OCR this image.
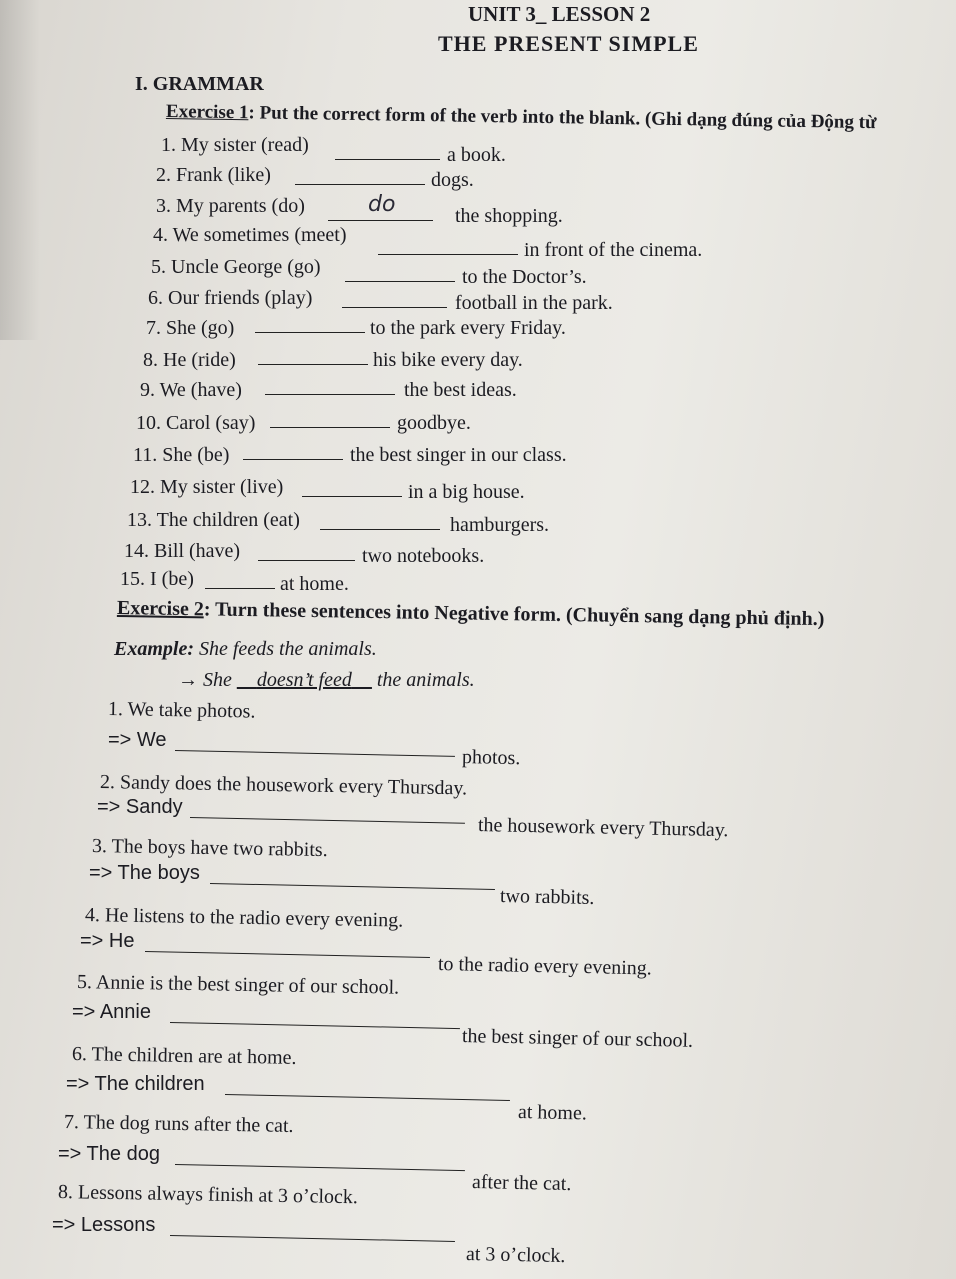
UNIT 3_ LESSON 2
THE PRESENT SIMPLE
I. GRAMMAR
Exercise 1: Put the correct form of the verb into the blank. (Ghi dạng đúng của Động từ
1. My sister (read)	a book.
2. Frank (like)	dogs.
3. My parents (do)	do	the shopping.
4. We sometimes (meet)
in front of the cinema.
5. Uncle George (go)	to the Doctor’s.
6. Our friends (play)	football in the park.
7. She (go)	to the park every Friday.
8. He (ride)	his bike every day.
9. We (have)	the best ideas.
10. Carol (say)	goodbye.
11. She (be)	the best singer in our class.
12. My sister (live)	in a big house.
13. The children (eat)	hamburgers.
14. Bill (have)	two notebooks.
15. I (be)	at home.
Exercise 2: Turn these sentences into Negative form. (Chuyển sang dạng phủ định.)
Example: She feeds the animals.
→ She __doesn’t feed__ the animals.
1. We take photos.
=> We
photos.
2. Sandy does the housework every Thursday.
=> Sandy
the housework every Thursday.
3. The boys have two rabbits.
=> The boys
two rabbits.
4. He listens to the radio every evening.
=> He
to the radio every evening.
5. Annie is the best singer of our school.
=> Annie
the best singer of our school.
6. The children are at home.
=> The children
at home.
7. The dog runs after the cat.
=> The dog
after the cat.
8. Lessons always finish at 3 o’clock.
=> Lessons
at 3 o’clock.
